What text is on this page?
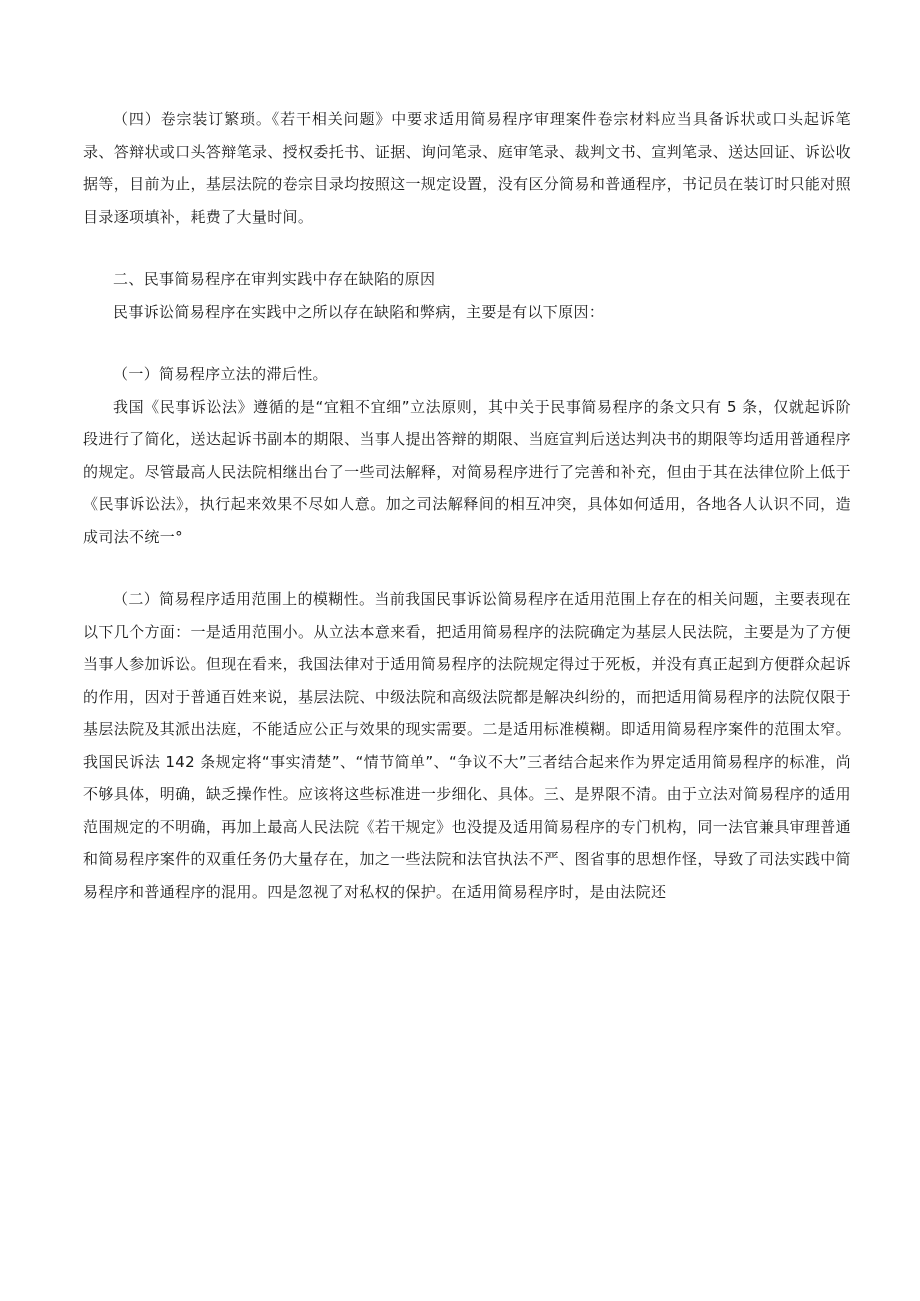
（四）卷宗装订繁琐。《若干相关问题》中要求适用简易程序审理案件卷宗材料应当具备诉状或口头起诉笔录、答辩状或口头答辩笔录、授权委托书、证据、询问笔录、庭审笔录、裁判文书、宣判笔录、送达回证、诉讼收据等，目前为止，基层法院的卷宗目录均按照这一规定设置，没有区分简易和普通程序，书记员在装订时只能对照目录逐项填补，耗费了大量时间。

二、民事简易程序在审判实践中存在缺陷的原因

民事诉讼简易程序在实践中之所以存在缺陷和弊病，主要是有以下原因：

（一）简易程序立法的滞后性。

我国《民事诉讼法》遵循的是“宜粗不宜细”立法原则，其中关于民事简易程序的条文只有 5 条，仅就起诉阶段进行了简化，送达起诉书副本的期限、当事人提出答辩的期限、当庭宣判后送达判决书的期限等均适用普通程序的规定。尽管最高人民法院相继出台了一些司法解释，对简易程序进行了完善和补充，但由于其在法律位阶上低于《民事诉讼法》，执行起来效果不尽如人意。加之司法解释间的相互冲突，具体如何适用，各地各人认识不同，造成司法不统一°

（二）简易程序适用范围上的模糊性。当前我国民事诉讼简易程序在适用范围上存在的相关问题，主要表现在以下几个方面：一是适用范围小。从立法本意来看，把适用简易程序的法院确定为基层人民法院，主要是为了方便当事人参加诉讼。但现在看来，我国法律对于适用简易程序的法院规定得过于死板，并没有真正起到方便群众起诉的作用，因对于普通百姓来说，基层法院、中级法院和高级法院都是解决纠纷的，而把适用简易程序的法院仅限于基层法院及其派出法庭，不能适应公正与效果的现实需要。二是适用标准模糊。即适用简易程序案件的范围太窄。我国民诉法 142 条规定将“事实清楚”、“情节简单”、“争议不大”三者结合起来作为界定适用简易程序的标准，尚不够具体，明确，缺乏操作性。应该将这些标准进一步细化、具体。三、是界限不清。由于立法对简易程序的适用范围规定的不明确，再加上最高人民法院《若干规定》也没提及适用简易程序的专门机构，同一法官兼具审理普通和简易程序案件的双重任务仍大量存在，加之一些法院和法官执法不严、图省事的思想作怪，导致了司法实践中简易程序和普通程序的混用。四是忽视了对私权的保护。在适用简易程序时，是由法院还
